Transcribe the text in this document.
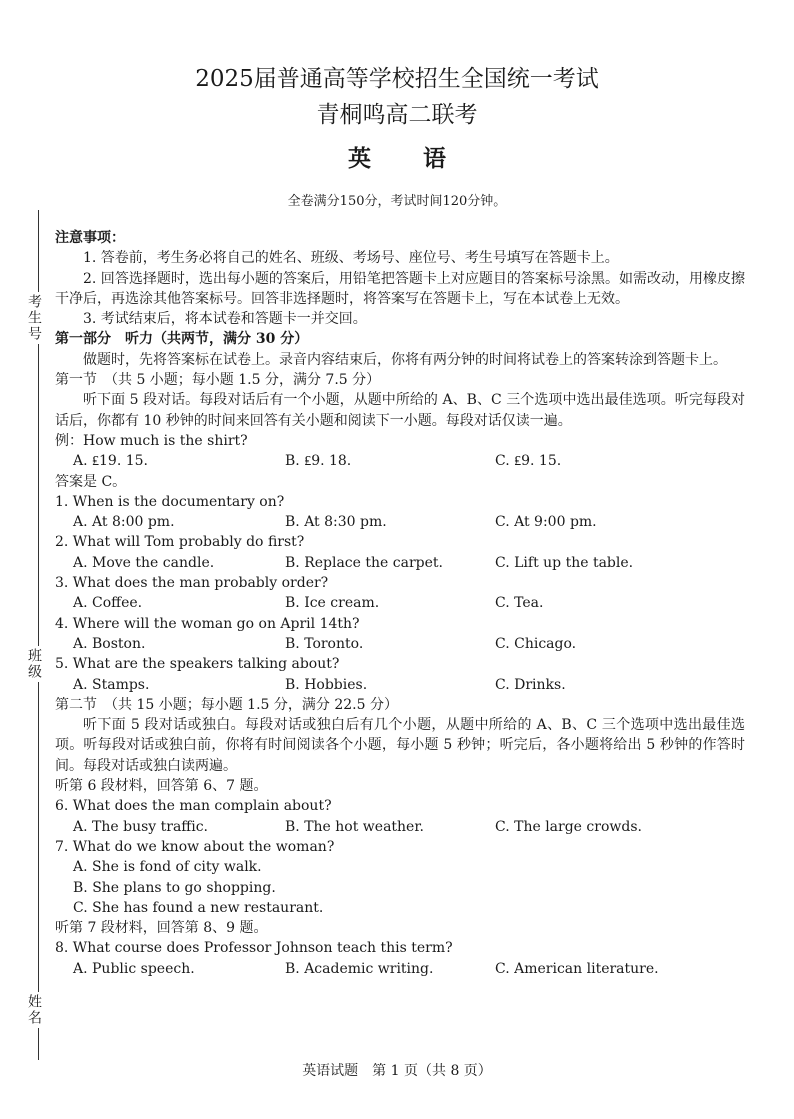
考生号
班级
姓名
2025届普通高等学校招生全国统一考试
青桐鸣高二联考
英 语
全卷满分150分，考试时间120分钟。
注意事项：
1. 答卷前，考生务必将自己的姓名、班级、考场号、座位号、考生号填写在答题卡上。
2. 回答选择题时，选出每小题的答案后，用铅笔把答题卡上对应题目的答案标号涂黑。如需改动，用橡皮擦干净后，再选涂其他答案标号。回答非选择题时，将答案写在答题卡上，写在本试卷上无效。
3. 考试结束后，将本试卷和答题卡一并交回。
第一部分　听力（共两节，满分 30 分）
做题时，先将答案标在试卷上。录音内容结束后，你将有两分钟的时间将试卷上的答案转涂到答题卡上。
第一节　（共 5 小题；每小题 1.5 分，满分 7.5 分）
听下面 5 段对话。每段对话后有一个小题，从题中所给的 A、B、C 三个选项中选出最佳选项。听完每段对话后，你都有 10 秒钟的时间来回答有关小题和阅读下一小题。每段对话仅读一遍。
例：How much is the shirt?
A. ₤19. 15.	B. ₤9. 18.	C. ₤9. 15.
答案是 C。
1. When is the documentary on?
A. At 8:00 pm.	B. At 8:30 pm.	C. At 9:00 pm.
2. What will Tom probably do first?
A. Move the candle.	B. Replace the carpet.	C. Lift up the table.
3. What does the man probably order?
A. Coffee.	B. Ice cream.	C. Tea.
4. Where will the woman go on April 14th?
A. Boston.	B. Toronto.	C. Chicago.
5. What are the speakers talking about?
A. Stamps.	B. Hobbies.	C. Drinks.
第二节　（共 15 小题；每小题 1.5 分，满分 22.5 分）
听下面 5 段对话或独白。每段对话或独白后有几个小题，从题中所给的 A、B、C 三个选项中选出最佳选项。听每段对话或独白前，你将有时间阅读各个小题，每小题 5 秒钟；听完后，各小题将给出 5 秒钟的作答时间。每段对话或独白读两遍。
听第 6 段材料，回答第 6、7 题。
6. What does the man complain about?
A. The busy traffic.	B. The hot weather.	C. The large crowds.
7. What do we know about the woman?
A. She is fond of city walk.
B. She plans to go shopping.
C. She has found a new restaurant.
听第 7 段材料，回答第 8、9 题。
8. What course does Professor Johnson teach this term?
A. Public speech.	B. Academic writing.	C. American literature.
英语试题　第 1 页（共 8 页）
